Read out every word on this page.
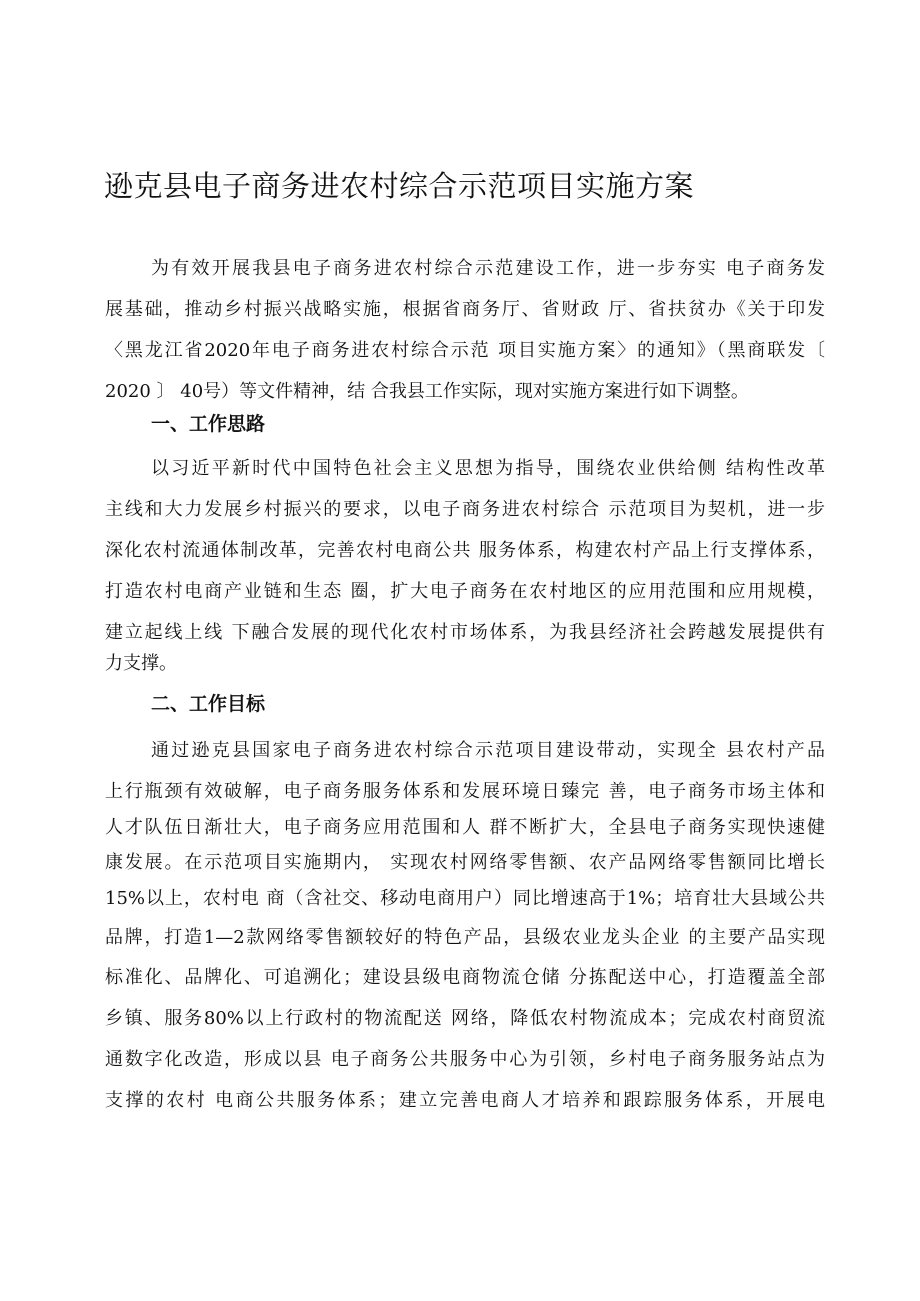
逊克县电子商务进农村综合示范项目实施方案

为有效开展我县电子商务进农村综合示范建设工作，进一步夯实 电子商务发

展基础，推动乡村振兴战略实施，根据省商务厅、省财政 厅、省扶贫办《关于印发

〈黑龙江省2020年电子商务进农村综合示范 项目实施方案〉的通知》（黑商联发〔

2020 〕 40号）等文件精神，结 合我县工作实际，现对实施方案进行如下调整。

一、工作思路

以习近平新时代中国特色社会主义思想为指导，围绕农业供给侧 结构性改革

主线和大力发展乡村振兴的要求，以电子商务进农村综合 示范项目为契机，进一步

深化农村流通体制改革，完善农村电商公共 服务体系，构建农村产品上行支撑体系，

打造农村电商产业链和生态 圈，扩大电子商务在农村地区的应用范围和应用规模，

建立起线上线 下融合发展的现代化农村市场体系，为我县经济社会跨越发展提供有

力支撑。

二、工作目标

通过逊克县国家电子商务进农村综合示范项目建设带动，实现全 县农村产品

上行瓶颈有效破解，电子商务服务体系和发展环境日臻完 善，电子商务市场主体和

人才队伍日渐壮大，电子商务应用范围和人 群不断扩大，全县电子商务实现快速健

康发展。在示范项目实施期内， 实现农村网络零售额、农产品网络零售额同比增长

15%以上，农村电 商（含社交、移动电商用户）同比增速高于1%；培育壮大县域公共

品牌，打造1—2款网络零售额较好的特色产品，县级农业龙头企业 的主要产品实现

标准化、品牌化、可追溯化；建设县级电商物流仓储 分拣配送中心，打造覆盖全部

乡镇、服务80%以上行政村的物流配送 网络，降低农村物流成本；完成农村商贸流

通数字化改造，形成以县 电子商务公共服务中心为引领，乡村电子商务服务站点为

支撑的农村 电商公共服务体系；建立完善电商人才培养和跟踪服务体系，开展电
